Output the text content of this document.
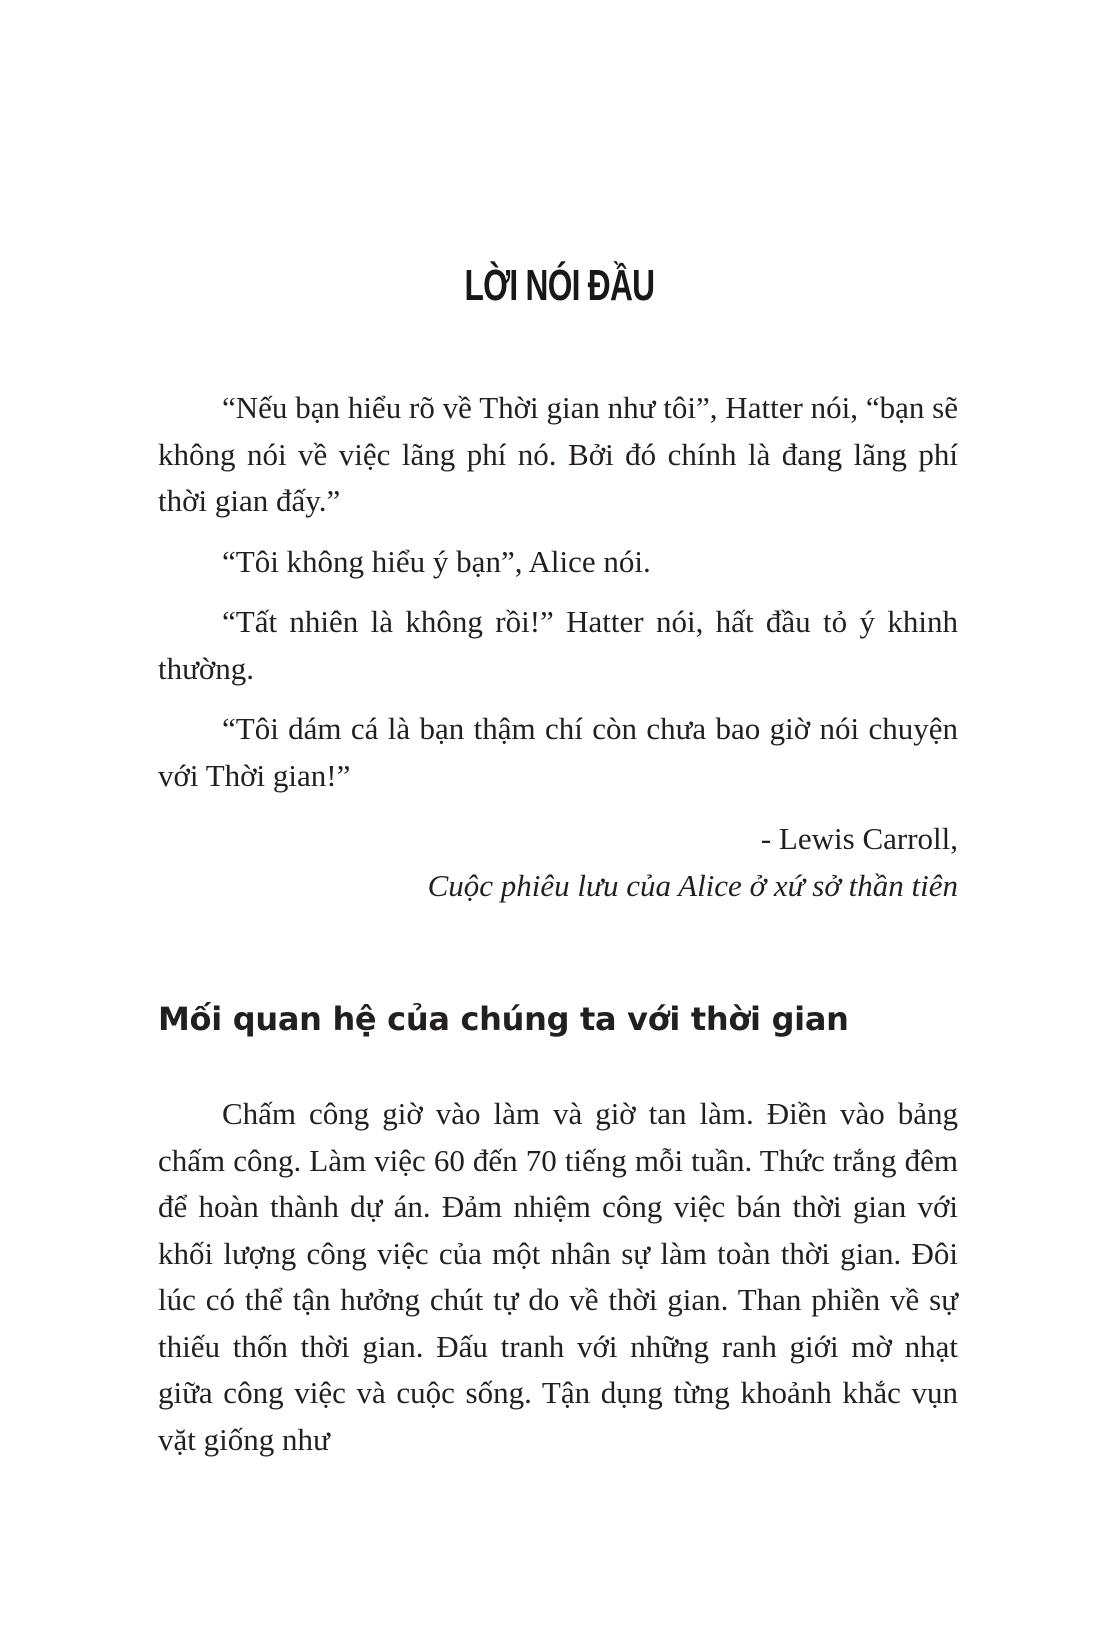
LỜI NÓI ĐẦU

“Nếu bạn hiểu rõ về Thời gian như tôi”, Hatter nói, “bạn sẽ không nói về việc lãng phí nó. Bởi đó chính là đang lãng phí thời gian đấy.”

“Tôi không hiểu ý bạn”, Alice nói.

“Tất nhiên là không rồi!” Hatter nói, hất đầu tỏ ý khinh thường.

“Tôi dám cá là bạn thậm chí còn chưa bao giờ nói chuyện với Thời gian!”

- Lewis Carroll,
Cuộc phiêu lưu của Alice ở xứ sở thần tiên
Mối quan hệ của chúng ta với thời gian

Chấm công giờ vào làm và giờ tan làm. Điền vào bảng chấm công. Làm việc 60 đến 70 tiếng mỗi tuần. Thức trắng đêm để hoàn thành dự án. Đảm nhiệm công việc bán thời gian với khối lượng công việc của một nhân sự làm toàn thời gian. Đôi lúc có thể tận hưởng chút tự do về thời gian. Than phiền về sự thiếu thốn thời gian. Đấu tranh với những ranh giới mờ nhạt giữa công việc và cuộc sống. Tận dụng từng khoảnh khắc vụn vặt giống như
